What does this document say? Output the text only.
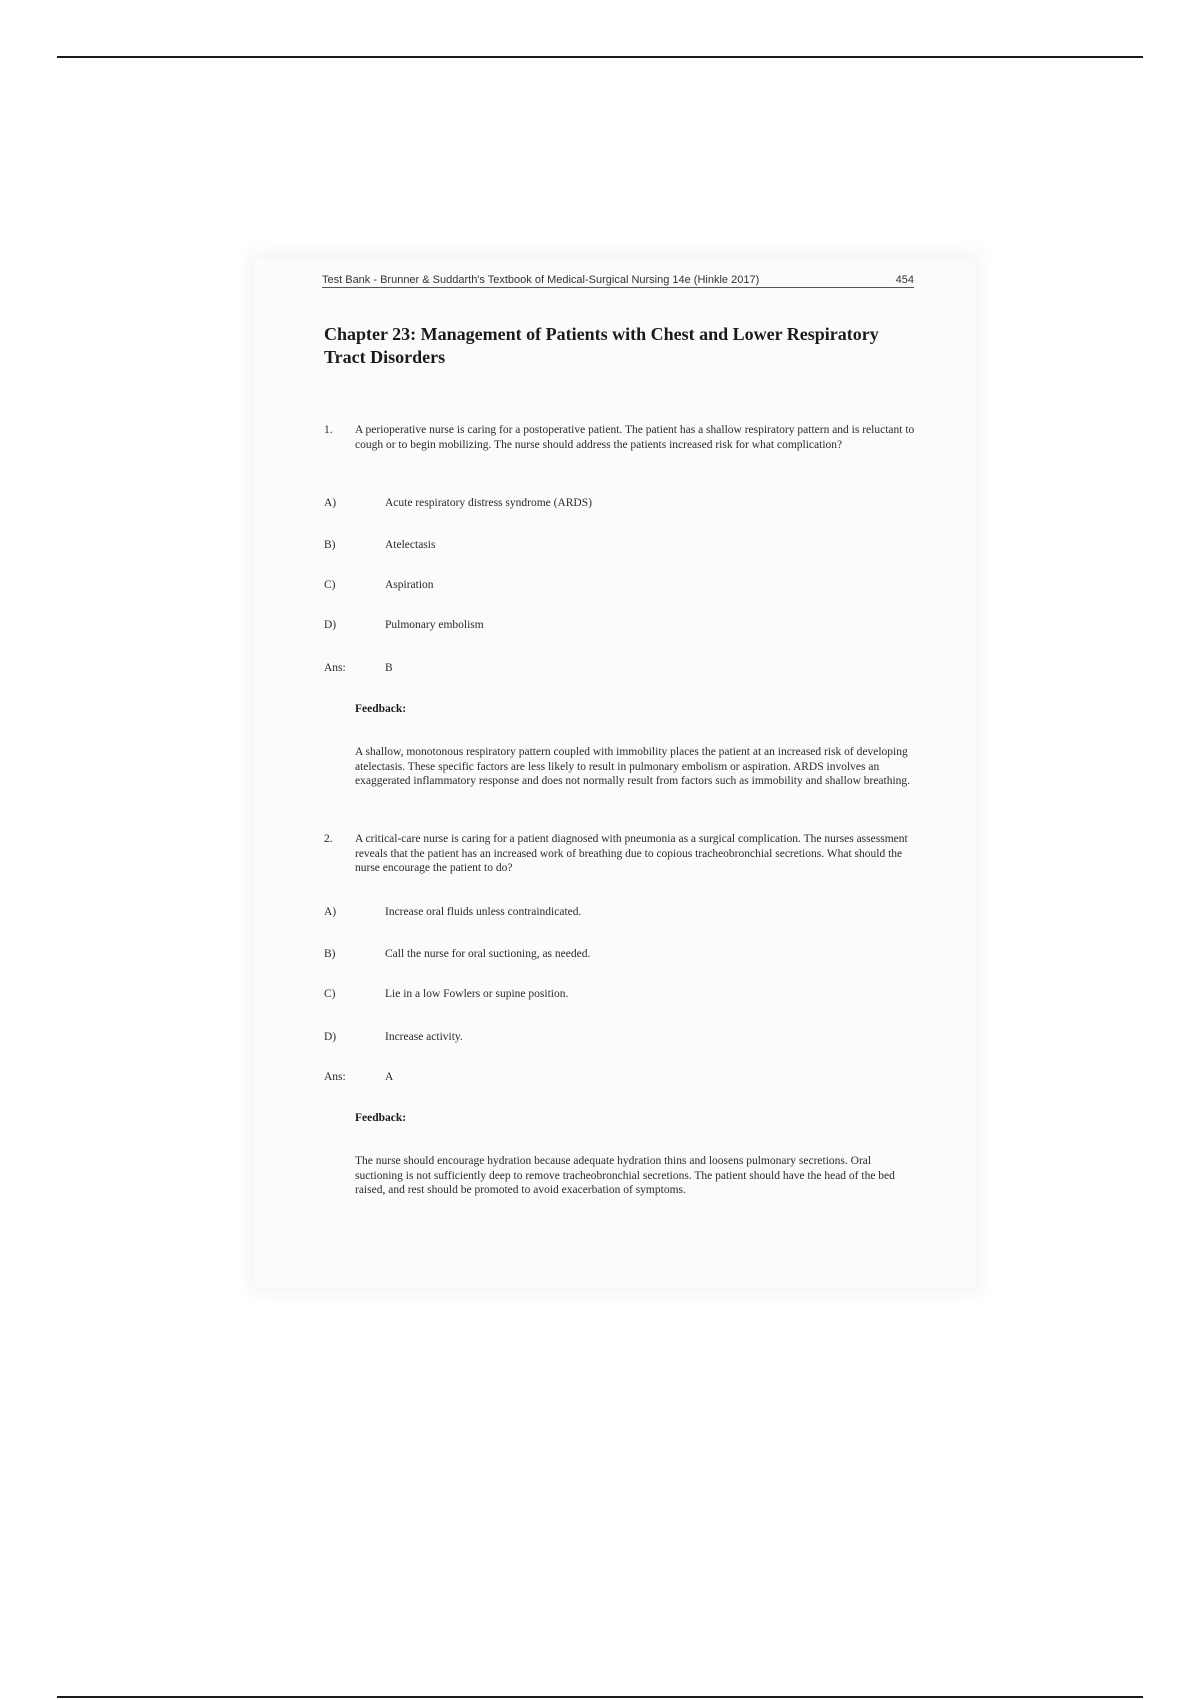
Test Bank - Brunner & Suddarth's Textbook of Medical-Surgical Nursing 14e (Hinkle 2017)	454
Chapter 23: Management of Patients with Chest and Lower Respiratory Tract Disorders
1. A perioperative nurse is caring for a postoperative patient. The patient has a shallow respiratory pattern and is reluctant to cough or to begin mobilizing. The nurse should address the patients increased risk for what complication?
A)	Acute respiratory distress syndrome (ARDS)
B)	Atelectasis
C)	Aspiration
D)	Pulmonary embolism
Ans:	B
Feedback:
A shallow, monotonous respiratory pattern coupled with immobility places the patient at an increased risk of developing atelectasis. These specific factors are less likely to result in pulmonary embolism or aspiration. ARDS involves an exaggerated inflammatory response and does not normally result from factors such as immobility and shallow breathing.
2. A critical-care nurse is caring for a patient diagnosed with pneumonia as a surgical complication. The nurses assessment reveals that the patient has an increased work of breathing due to copious tracheobronchial secretions. What should the nurse encourage the patient to do?
A)	Increase oral fluids unless contraindicated.
B)	Call the nurse for oral suctioning, as needed.
C)	Lie in a low Fowlers or supine position.
D)	Increase activity.
Ans:	A
Feedback:
The nurse should encourage hydration because adequate hydration thins and loosens pulmonary secretions. Oral suctioning is not sufficiently deep to remove tracheobronchial secretions. The patient should have the head of the bed raised, and rest should be promoted to avoid exacerbation of symptoms.
